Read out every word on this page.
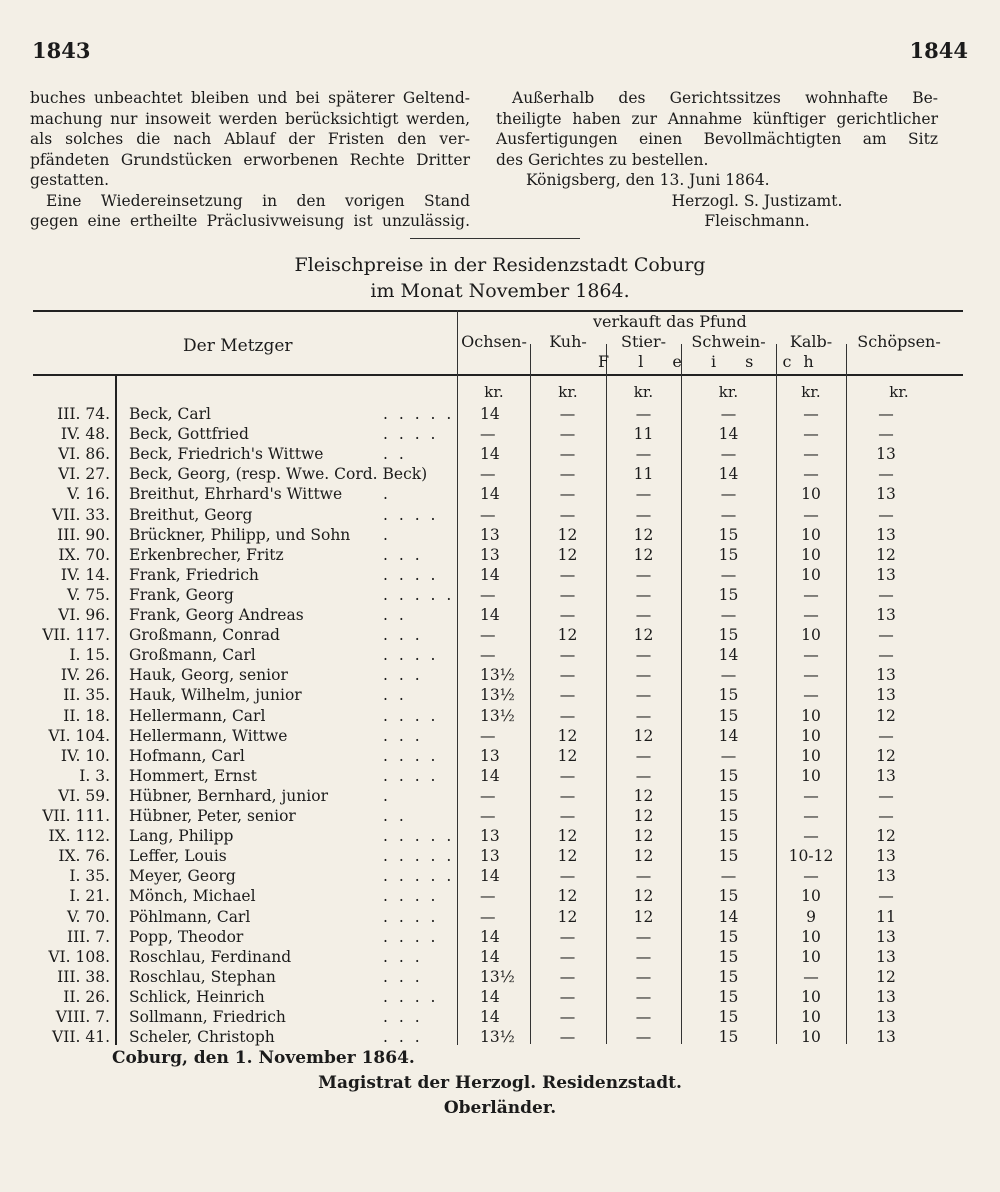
1843	1844
buches unbeachtet bleiben und bei späterer Geltend-
machung nur insoweit werden berücksichtigt werden,
als solches die nach Ablauf der Fristen den ver-
pfändeten Grundstücken erworbenen Rechte Dritter
gestatten.
Eine Wiedereinsetzung in den vorigen Stand
gegen eine ertheilte Präclusivweisung ist unzulässig.
Außerhalb des Gerichtssitzes wohnhafte Be-
theiligte haben zur Annahme künftiger gerichtlicher
Ausfertigungen einen Bevollmächtigten am Sitz
des Gerichtes zu bestellen.
Königsberg, den 13. Juni 1864.
Herzogl. S. Justizamt.
Fleischmann.
Fleischpreise in der Residenzstadt Coburg
im Monat November 1864.
Der Metzger
verkauft das Pfund
F l e i s ch
Ochsen-	Kuh-	Stier-	Schwein-	Kalb-	Schöpsen-
kr.	kr.	kr.	kr.	kr.	kr.
III. 74. Beck, Carl	. . . . . 14	—	—	—	—	—
IV. 48. Beck, Gottfried	. . . .	—	—	11	14	—	—
VI. 86. Beck, Friedrich's Wittwe	. .	14	—	—	—	—	13
VI. 27. Beck, Georg, (resp. Wwe. Cord. Beck)	—	—	11	14	—	—
V. 16. Breithut, Ehrhard's Wittwe	.	14	—	—	—	10	13
VII. 33. Breithut, Georg	. . . .	—	—	—	—	—	—
III. 90. Brückner, Philipp, und Sohn .	13	12	12	15	10	13
IX. 70. Erkenbrecher, Fritz	. . .	13	12	12	15	10	12
IV. 14. Frank, Friedrich	. . . .	14	—	—	—	10	13
V. 75. Frank, Georg	. . . . . —	—	—	15	—	—
VI. 96. Frank, Georg Andreas	. .	14	—	—	—	—	13
VII. 117. Großmann, Conrad	. . .	—	12	12	15	10	—
I. 15. Großmann, Carl	. . . .	—	—	—	14	—	—
IV. 26. Hauk, Georg, senior	. . .	13½	—	—	—	—	13
II. 35. Hauk, Wilhelm, junior	. .	13½	—	—	15	—	13
II. 18. Hellermann, Carl	. . . .	13½	—	—	15	10	12
VI. 104. Hellermann, Wittwe	. . .	—	12	12	14	10	—
IV. 10. Hofmann, Carl	. . . .	13	12	—	—	10	12
I. 3. Hommert, Ernst	. . . .	14	—	—	15	10	13
VI. 59. Hübner, Bernhard, junior	.	—	—	12	15	—	—
VII. 111. Hübner, Peter, senior	. .	—	—	12	15	—	—
IX. 112. Lang, Philipp	. . . . . 13	12	12	15	—	12
IX. 76. Leffer, Louis	. . . . . 13	12	12	15	10-12	13
I. 35. Meyer, Georg	. . . . . 14	—	—	—	—	13
I. 21. Mönch, Michael	. . . .	—	12	12	15	10	—
V. 70. Pöhlmann, Carl	. . . .	—	12	12	14	9	11
III. 7. Popp, Theodor	. . . .	14	—	—	15	10	13
VI. 108. Roschlau, Ferdinand	. . .	14	—	—	15	10	13
III. 38. Roschlau, Stephan	. . .	13½	—	—	15	—	12
II. 26. Schlick, Heinrich	. . . .	14	—	—	15	10	13
VIII. 7. Sollmann, Friedrich	. . .	14	—	—	15	10	13
VII. 41. Scheler, Christoph	. . .	13½	—	—	15	10	13
Coburg, den 1. November 1864.
Magistrat der Herzogl. Residenzstadt.
Oberländer.
